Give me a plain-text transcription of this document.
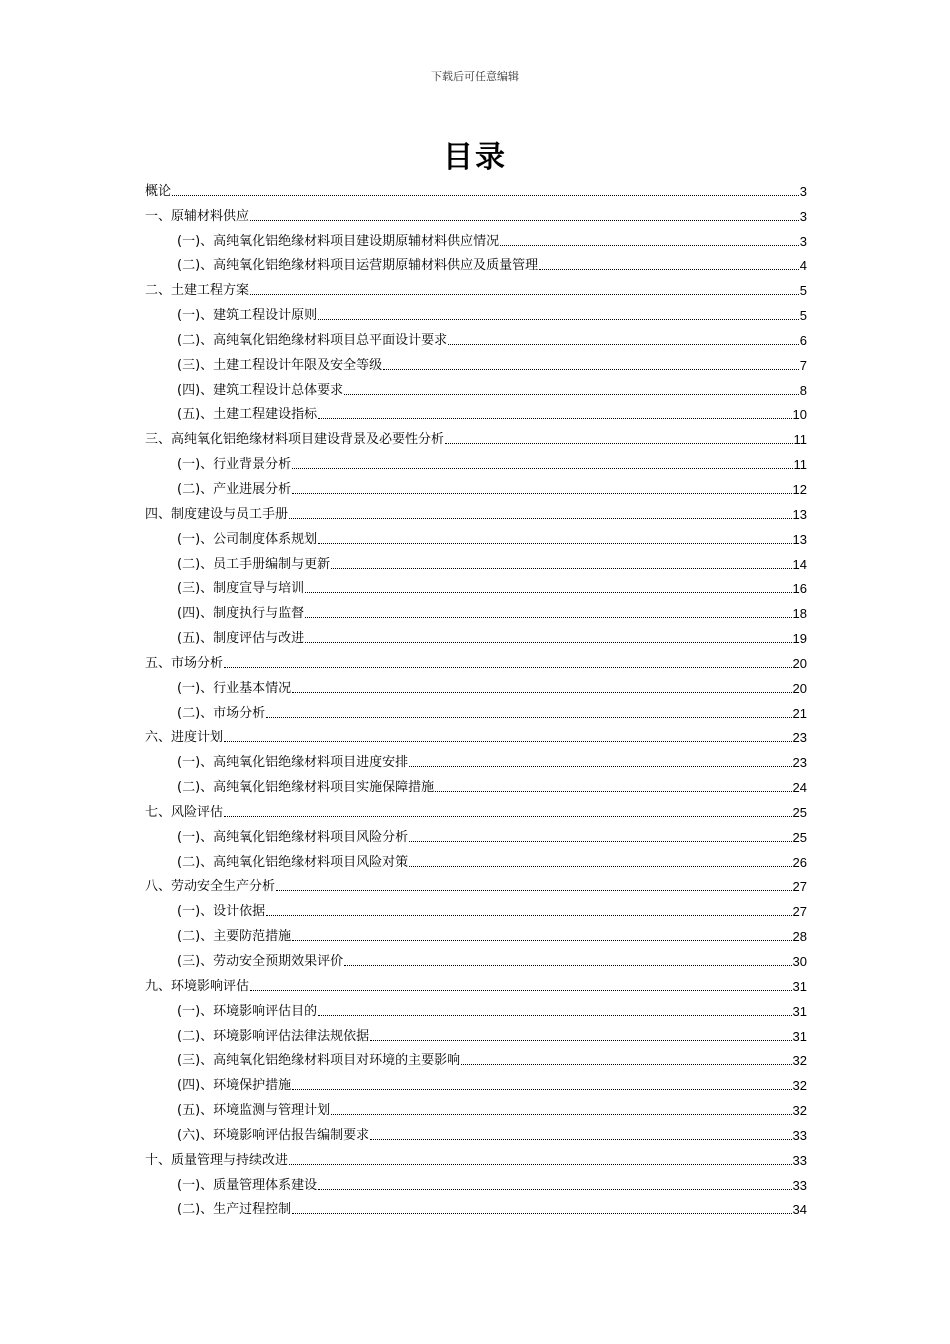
下载后可任意编辑
目录
概论	3
一、原辅材料供应	3
(一)、高纯氧化铝绝缘材料项目建设期原辅材料供应情况	3
(二)、高纯氧化铝绝缘材料项目运营期原辅材料供应及质量管理	4
二、土建工程方案	5
(一)、建筑工程设计原则	5
(二)、高纯氧化铝绝缘材料项目总平面设计要求	6
(三)、土建工程设计年限及安全等级	7
(四)、建筑工程设计总体要求	8
(五)、土建工程建设指标	10
三、高纯氧化铝绝缘材料项目建设背景及必要性分析	11
(一)、行业背景分析	11
(二)、产业进展分析	12
四、制度建设与员工手册	13
(一)、公司制度体系规划	13
(二)、员工手册编制与更新	14
(三)、制度宣导与培训	16
(四)、制度执行与监督	18
(五)、制度评估与改进	19
五、市场分析	20
(一)、行业基本情况	20
(二)、市场分析	21
六、进度计划	23
(一)、高纯氧化铝绝缘材料项目进度安排	23
(二)、高纯氧化铝绝缘材料项目实施保障措施	24
七、风险评估	25
(一)、高纯氧化铝绝缘材料项目风险分析	25
(二)、高纯氧化铝绝缘材料项目风险对策	26
八、劳动安全生产分析	27
(一)、设计依据	27
(二)、主要防范措施	28
(三)、劳动安全预期效果评价	30
九、环境影响评估	31
(一)、环境影响评估目的	31
(二)、环境影响评估法律法规依据	31
(三)、高纯氧化铝绝缘材料项目对环境的主要影响	32
(四)、环境保护措施	32
(五)、环境监测与管理计划	32
(六)、环境影响评估报告编制要求	33
十、质量管理与持续改进	33
(一)、质量管理体系建设	33
(二)、生产过程控制	34
